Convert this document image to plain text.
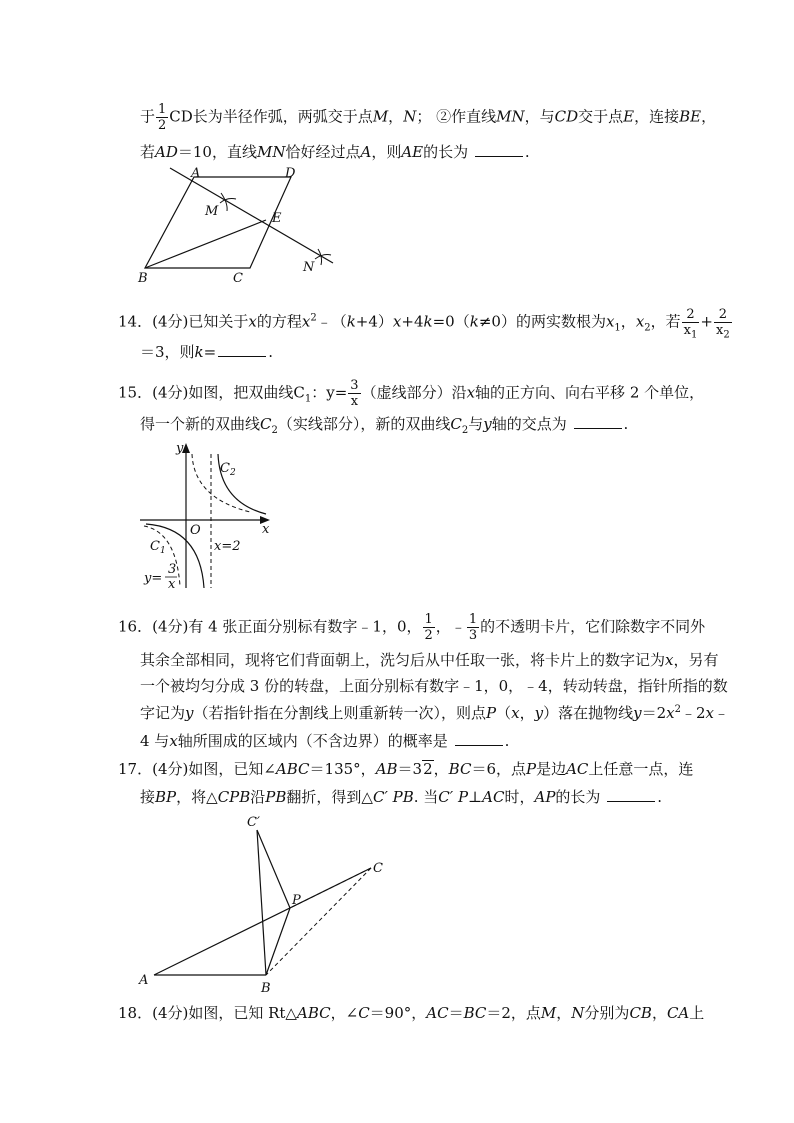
于 $\frac{1}{2}$ CD长为半径作弧，两弧交于点M，N； ②作直线MN，与CD交于点E，连接BE，
若AD＝10，直线MN恰好经过点A，则AE的长为	.
A	D
M	E
N
B	C
14．(4分)已知关于x的方程$x^2﹣(k+4)x+4k=0(k\ne 0)$的两实数根为$x_1$，$x_2$，若 $\frac{2}{x_1} + \frac{2}{x_2}$
＝3，则k=	.
15．(4分)如图，把双曲线$C_1$：$y= \frac{3}{x}$ （虚线部分）沿x轴的正方向、向右平移 2 个单位，
得一个新的双曲线$C_2$（实线部分），新的双曲线$C_2$与y轴的交点为	.
y
$C_2$
O	x
$C_1$	x=2
y=
3
x
16．(4分)有 4 张正面分别标有数字﹣1，0， $\frac{1}{2}$ ，﹣ $\frac{1}{3}$ 的不透明卡片，它们除数字不同外
其余全部相同，现将它们背面朝上，洗匀后从中任取一张，将卡片上的数字记为x，另有
一个被均匀分成 3 份的转盘，上面分别标有数字﹣1，0，﹣4，转动转盘，指针所指的数
字记为y（若指针指在分割线上则重新转一次），则点P（x，y）落在抛物线$y=2x^2﹣2x﹣$
4 与x轴所围成的区域内（不含边界）的概率是	.
17．(4分)如图，已知∠ABC＝135°，AB＝32，BC＝6，点P是边AC上任意一点，连
接BP，将△CPB沿PB翻折，得到△C′ PB. 当C′ P⊥AC时，AP的长为	.
C′
C
P
A
B
18．(4分)如图，已知 Rt△ABC，∠C＝90°，AC＝BC＝2，点M，N分别为CB，CA上
